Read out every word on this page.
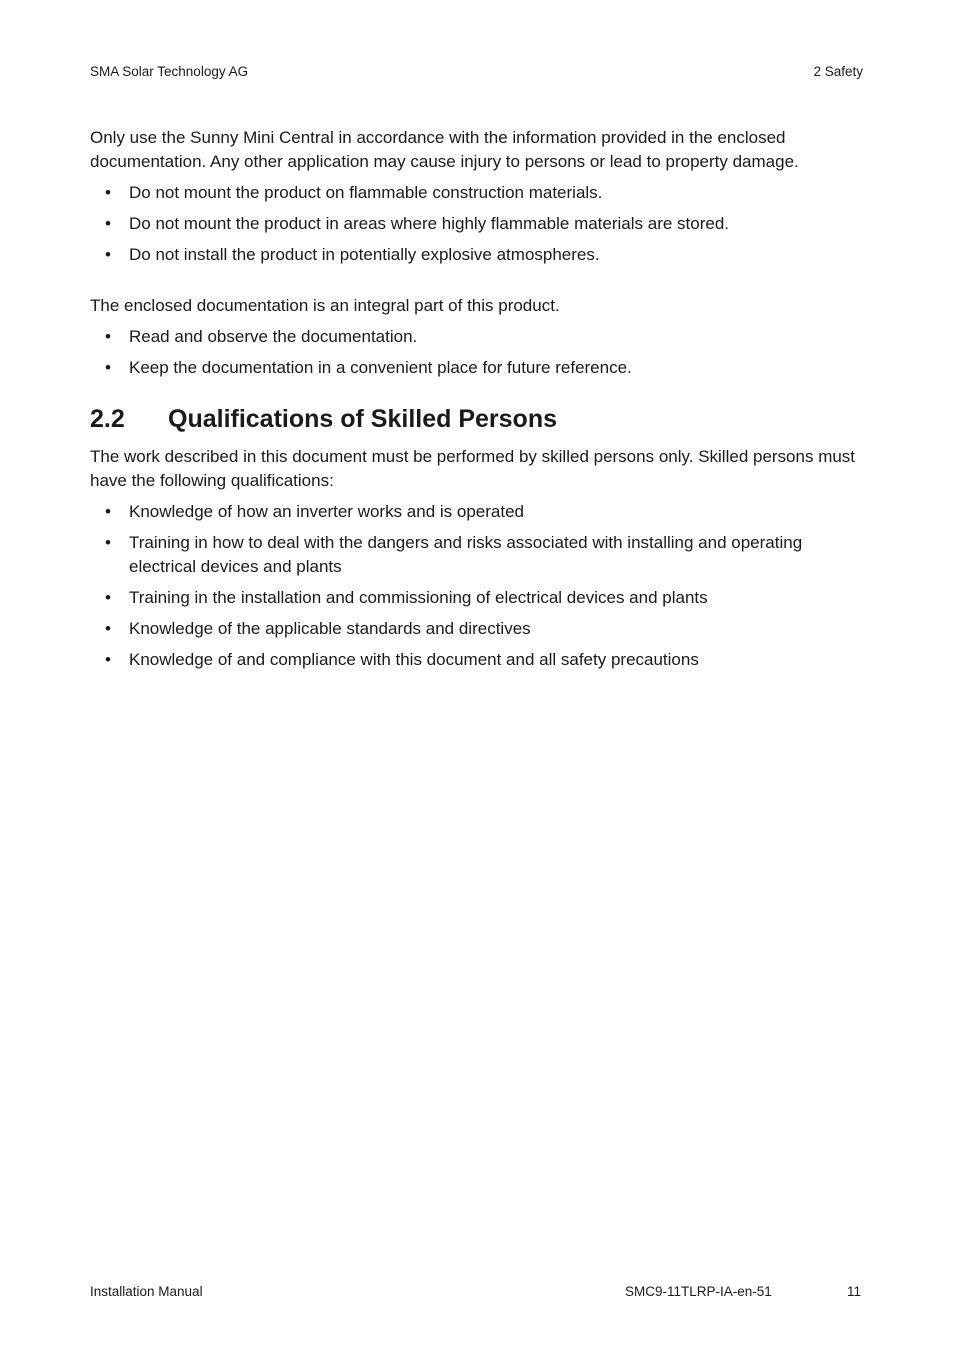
SMA Solar Technology AG	2 Safety

Only use the Sunny Mini Central in accordance with the information provided in the enclosed documentation. Any other application may cause injury to persons or lead to property damage.

• Do not mount the product on flammable construction materials.
• Do not mount the product in areas where highly flammable materials are stored.
• Do not install the product in potentially explosive atmospheres.

The enclosed documentation is an integral part of this product.

• Read and observe the documentation.
• Keep the documentation in a convenient place for future reference.
2.2	Qualifications of Skilled Persons

The work described in this document must be performed by skilled persons only. Skilled persons must have the following qualifications:

• Knowledge of how an inverter works and is operated
• Training in how to deal with the dangers and risks associated with installing and operating electrical devices and plants
• Training in the installation and commissioning of electrical devices and plants
• Knowledge of the applicable standards and directives
• Knowledge of and compliance with this document and all safety precautions
Installation Manual	SMC9-11TLRP-IA-en-51	11
